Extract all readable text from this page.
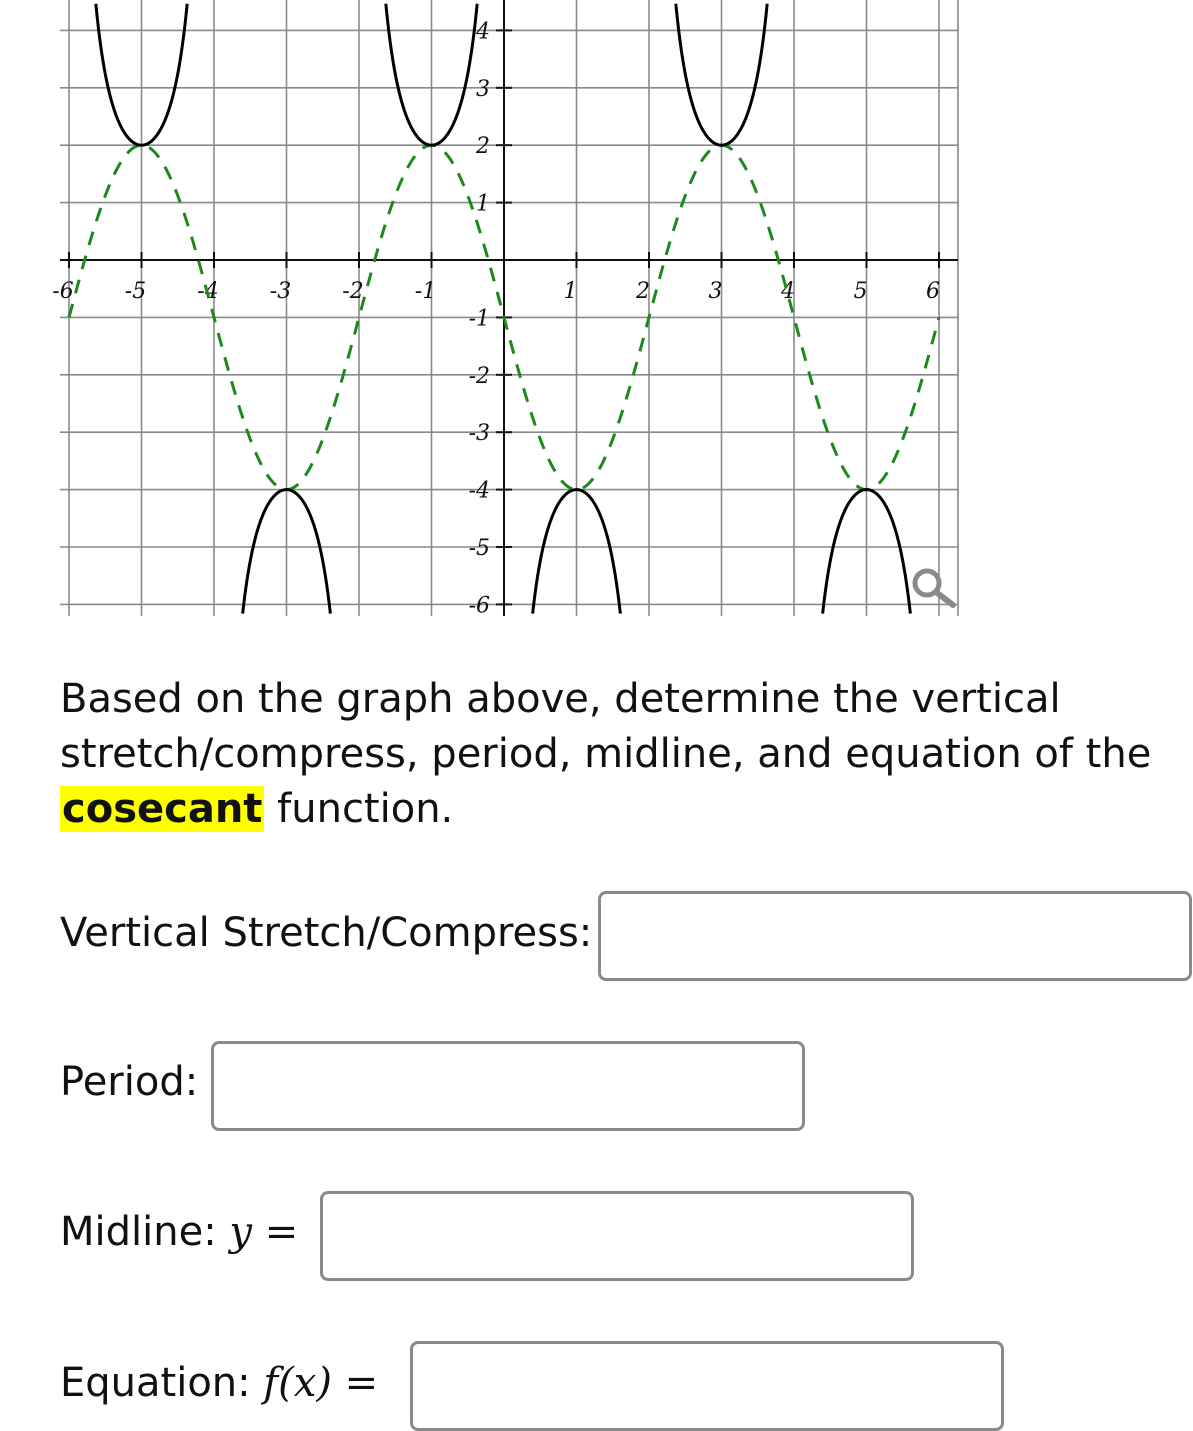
-6 -5 -4 -3 -2 -1	1	2	3	4	5	6
4
3
2
1
-1
-2
-3
-4
-5
-6
Based on the graph above, determine the vertical stretch/compress, period, midline, and equation of the cosecant function.
Vertical Stretch/Compress:
Period:
Midline: y =
Equation: f(x) =
